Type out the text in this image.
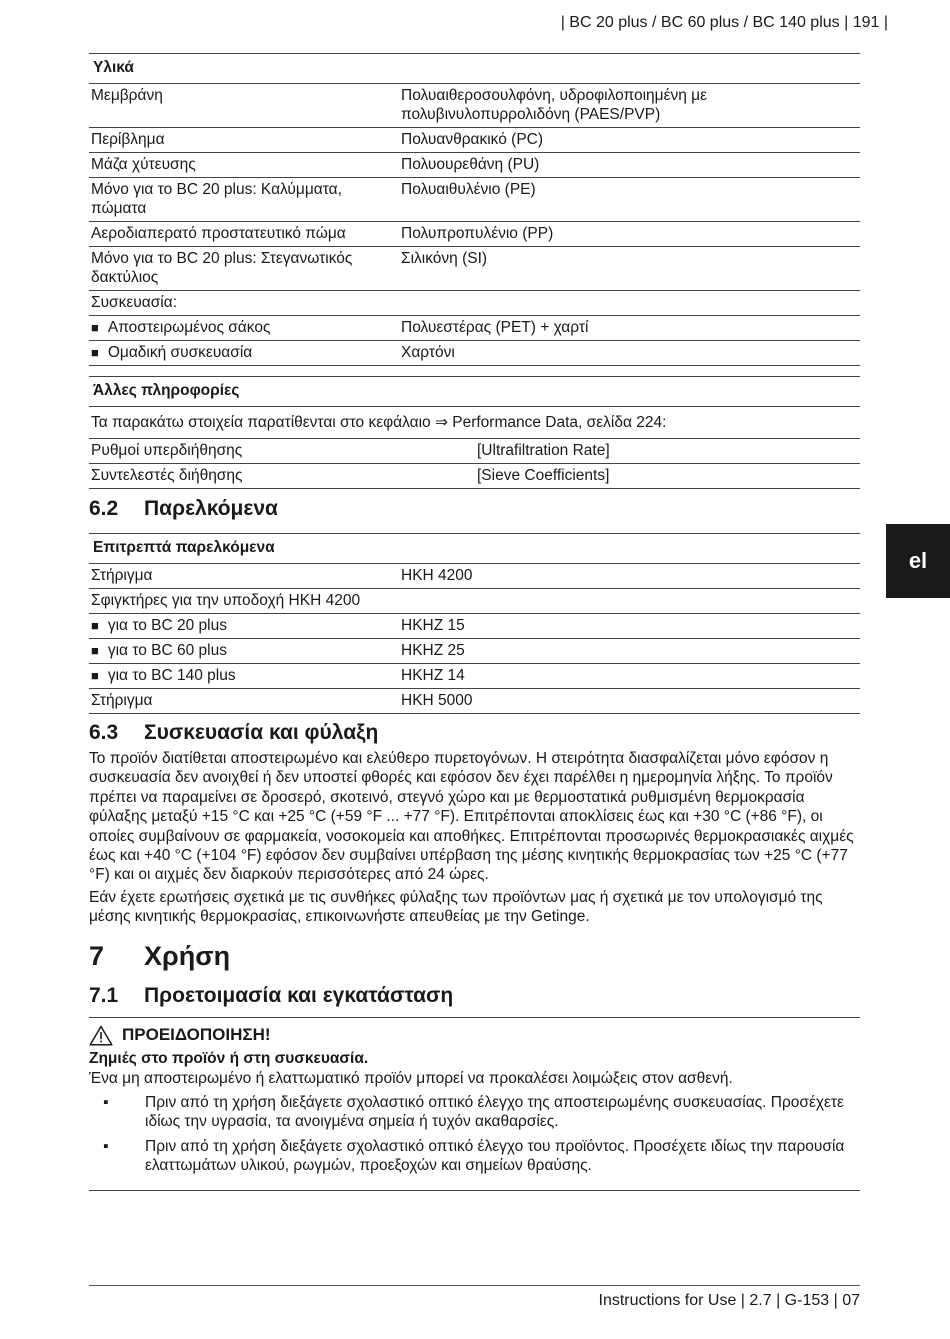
| BC 20 plus / BC 60 plus / BC 140 plus | 191 |
el
Υλικά	
Μεμβράνη	Πολυαιθεροσουλφόνη, υδροφιλοποιημένη με πολυβινυλοπυρρολιδόνη (PAES/PVP)
Περίβλημα	Πολυανθρακικό (PC)
Μάζα χύτευσης	Πολυουρεθάνη (PU)
Μόνο για το BC 20 plus: Καλύμματα, πώματα	Πολυαιθυλένιο (PE)
Αεροδιαπερατό προστατευτικό πώμα	Πολυπροπυλένιο (PP)
Μόνο για το BC 20 plus: Στεγανωτικός δακτύλιος	Σιλικόνη (SI)
Συσκευασία:	
■ Αποστειρωμένος σάκος	Πολυεστέρας (PET) + χαρτί
■ Ομαδική συσκευασία	Χαρτόνι
Άλλες πληροφορίες	
Τα παρακάτω στοιχεία παρατίθενται στο κεφάλαιο ⇒ Performance Data, σελίδα 224:	
Ρυθμοί υπερδιήθησης	[Ultrafiltration Rate]
Συντελεστές διήθησης	[Sieve Coefficients]
6.2	Παρελκόμενα
Επιτρεπτά παρελκόμενα	
Στήριγμα	HKH 4200
Σφιγκτήρες για την υποδοχή HKH 4200	
■ για το BC 20 plus	HKHZ 15
■ για το BC 60 plus	HKHZ 25
■ για το BC 140 plus	HKHZ 14
Στήριγμα	HKH 5000
6.3	Συσκευασία και φύλαξη

Το προϊόν διατίθεται αποστειρωμένο και ελεύθερο πυρετογόνων. Η στειρότητα διασφαλίζεται μόνο εφόσον η συσκευασία δεν ανοιχθεί ή δεν υποστεί φθορές και εφόσον δεν έχει παρέλθει η ημερομηνία λήξης. Το προϊόν πρέπει να παραμείνει σε δροσερό, σκοτεινό, στεγνό χώρο και με θερμοστατικά ρυθμισμένη θερμοκρασία φύλαξης μεταξύ +15 °C και +25 °C (+59 °F ... +77 °F). Επιτρέπονται αποκλίσεις έως και +30 °C (+86 °F), οι οποίες συμβαίνουν σε φαρμακεία, νοσοκομεία και αποθήκες. Επιτρέπονται προσωρινές θερμοκρασιακές αιχμές έως και +40 °C (+104 °F) εφόσον δεν συμβαίνει υπέρβαση της μέσης κινητικής θερμοκρασίας των +25 °C (+77 °F) και οι αιχμές δεν διαρκούν περισσότερες από 24 ώρες.

Εάν έχετε ερωτήσεις σχετικά με τις συνθήκες φύλαξης των προϊόντων μας ή σχετικά με τον υπολογισμό της μέσης κινητικής θερμοκρασίας, επικοινωνήστε απευθείας με την Getinge.

7	Χρήση
7.1	Προετοιμασία και εγκατάσταση
ΠΡΟΕΙΔΟΠΟΙΗΣΗ!
Ζημιές στο προϊόν ή στη συσκευασία.
Ένα μη αποστειρωμένο ή ελαττωματικό προϊόν μπορεί να προκαλέσει λοιμώξεις στον ασθενή.
▪ Πριν από τη χρήση διεξάγετε σχολαστικό οπτικό έλεγχο της αποστειρωμένης συσκευασίας. Προσέχετε ιδίως την υγρασία, τα ανοιγμένα σημεία ή τυχόν ακαθαρσίες.
▪ Πριν από τη χρήση διεξάγετε σχολαστικό οπτικό έλεγχο του προϊόντος. Προσέχετε ιδίως την παρουσία ελαττωμάτων υλικού, ρωγμών, προεξοχών και σημείων θραύσης.
Instructions for Use | 2.7 | G-153 | 07
